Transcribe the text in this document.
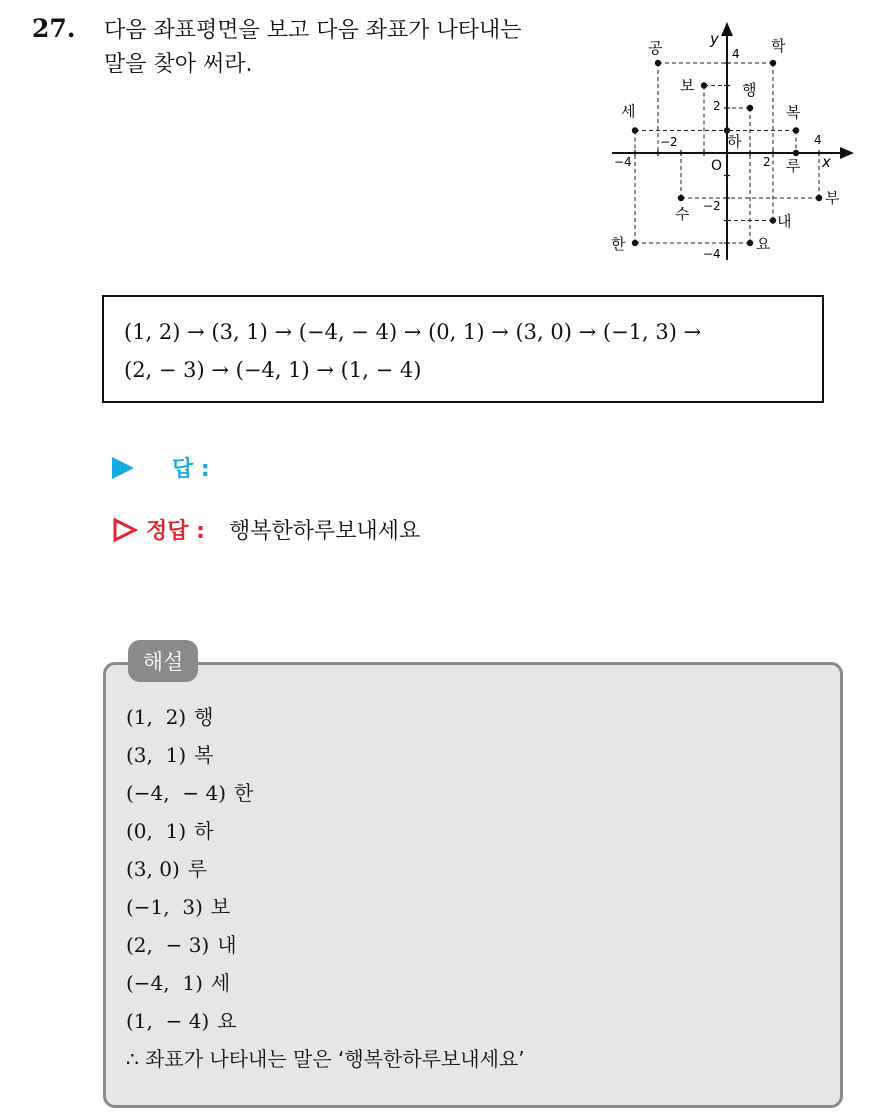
27. 다음 좌표평면을 보고 다음 좌표가 나타내는
말을 찾아 써라.
x
y
O
−4
−2
2
4
4
2
−2
−4
공	학
보	행
세	복
하
루
부
수	내
한	요
(1, 2) → (3, 1) → (−4, − 4) → (0, 1) → (3, 0) → (−1, 3) →
(2, − 3) → (−4, 1) → (1, − 4)
답 :
정답 : 행복한하루보내세요
해설
(1,  2) 행
(3,  1) 복
(−4,  − 4) 한
(0,  1) 하
(3, 0) 루
(−1,  3) 보
(2,  − 3) 내
(−4,  1) 세
(1,  − 4) 요
∴ 좌표가 나타내는 말은 ‘행복한하루보내세요’
